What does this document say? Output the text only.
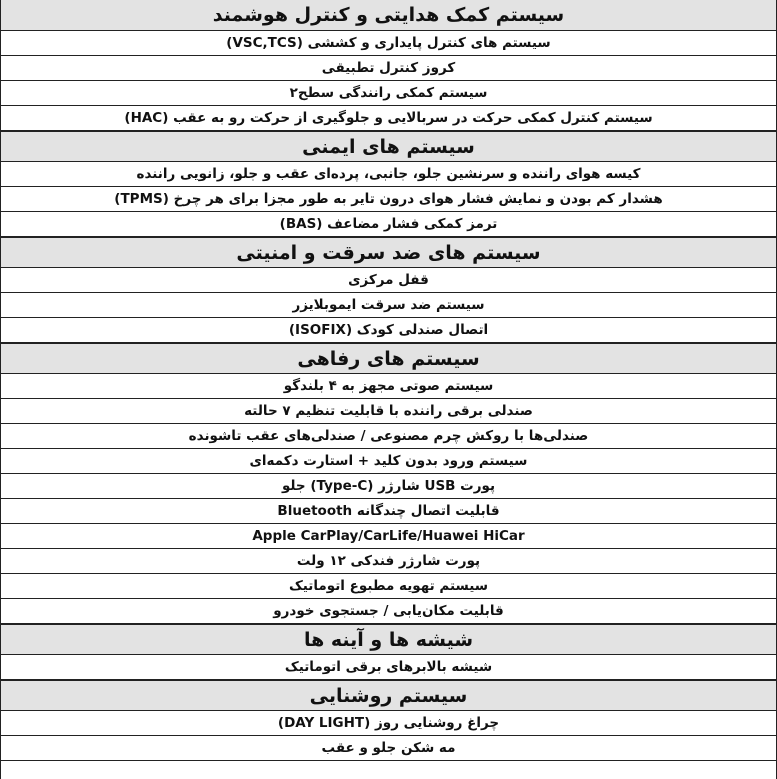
سیستم کمک هدایتی و کنترل هوشمند
سیستم های کنترل پایداری و کششی (VSC,TCS)
کروز کنترل تطبیقی
سیستم کمکی رانندگی سطح۲
سیستم کنترل کمکی حرکت در سربالایی و جلوگیری از حرکت رو به عقب (HAC)
سیستم های ایمنی
کیسه هوای راننده و سرنشین جلو، جانبی، پرده‌ای عقب و جلو، زانویی راننده
هشدار کم بودن و نمایش فشار هوای درون تایر به طور مجزا برای هر چرخ (TPMS)
ترمز کمکی فشار مضاعف (BAS)
سیستم های ضد سرقت و امنیتی
قفل مرکزی
سیستم ضد سرقت ایموبلایزر
اتصال صندلی کودک (ISOFIX)
سیستم های رفاهی
سیستم صوتی مجهز به ۴ بلندگو
صندلی برقی راننده با قابلیت تنظیم ۷ حالته
صندلی‌ها با روکش چرم مصنوعی / صندلی‌های عقب تاشونده
سیستم ورود بدون کلید + استارت دکمه‌ای
پورت USB شارژر (Type-C) جلو
قابلیت اتصال چندگانه Bluetooth
Apple CarPlay/CarLife/Huawei HiCar
پورت شارژر فندکی ۱۲ ولت
سیستم تهویه مطبوع اتوماتیک
قابلیت مکان‌یابی / جستجوی خودرو
شیشه ها و آینه ها
شیشه بالابرهای برقی اتوماتیک
سیستم روشنایی
چراغ روشنایی روز (DAY LIGHT)
مه شکن جلو و عقب
